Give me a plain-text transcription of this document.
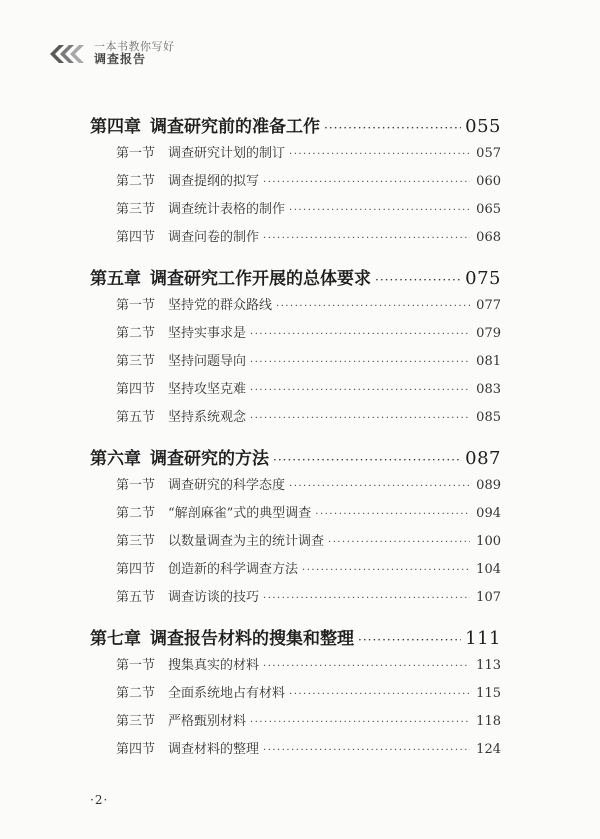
一本书教你写好
调查报告
第四章 调查研究前的准备工作 ·····	055
第一节 调查研究计划的制订 ·····	057
第二节 调查提纲的拟写 ·····	060
第三节 调查统计表格的制作 ·····	065
第四节 调查问卷的制作 ·····	068
第五章 调查研究工作开展的总体要求 ·····	075
第一节 坚持党的群众路线 ·····	077
第二节 坚持实事求是 ·····	079
第三节 坚持问题导向 ·····	081
第四节 坚持攻坚克难 ·····	083
第五节 坚持系统观念 ·····	085
第六章 调查研究的方法 ·····	087
第一节 调查研究的科学态度 ·····	089
第二节 “解剖麻雀”式的典型调查 ·····	094
第三节 以数量调查为主的统计调查 ·····	100
第四节 创造新的科学调查方法 ·····	104
第五节 调查访谈的技巧 ·····	107
第七章 调查报告材料的搜集和整理 ·····	111
第一节 搜集真实的材料 ·····	113
第二节 全面系统地占有材料 ·····	115
第三节 严格甄别材料 ·····	118
第四节 调查材料的整理 ·····	124
·2·
